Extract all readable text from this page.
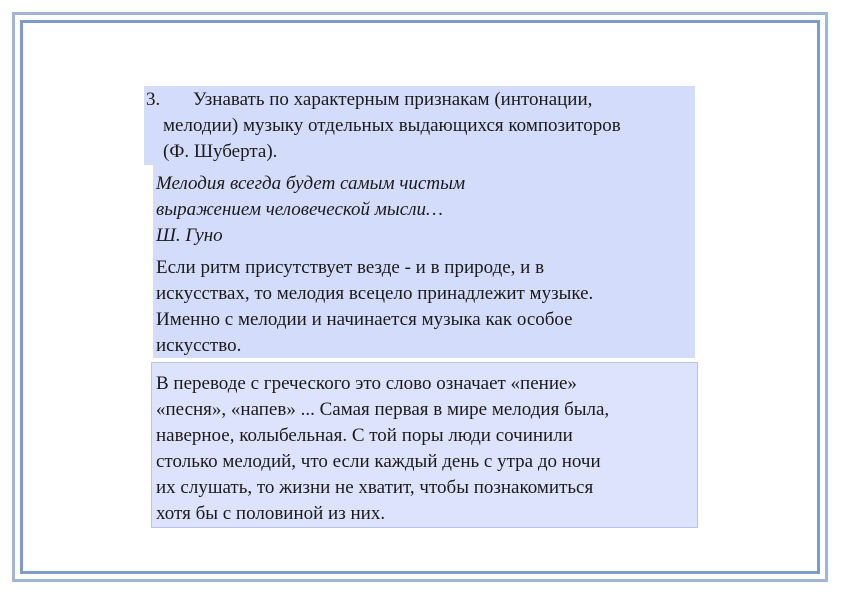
3. Узнавать по характерным признакам (интонации,
мелодии) музыку отдельных выдающихся композиторов
(Ф. Шуберта).
Мелодия всегда будет самым чистым
выражением человеческой мысли…
Ш. Гуно
Если ритм присутствует везде - и в природе, и в
искусствах, то мелодия всецело принадлежит музыке.
Именно с мелодии и начинается музыка как особое
искусство.
В переводе с греческого это слово означает «пение»
«песня», «напев» ... Самая первая в мире мелодия была,
наверное, колыбельная. С той поры люди сочинили
столько мелодий, что если каждый день с утра до ночи
их слушать, то жизни не хватит, чтобы познакомиться
хотя бы с половиной из них.
